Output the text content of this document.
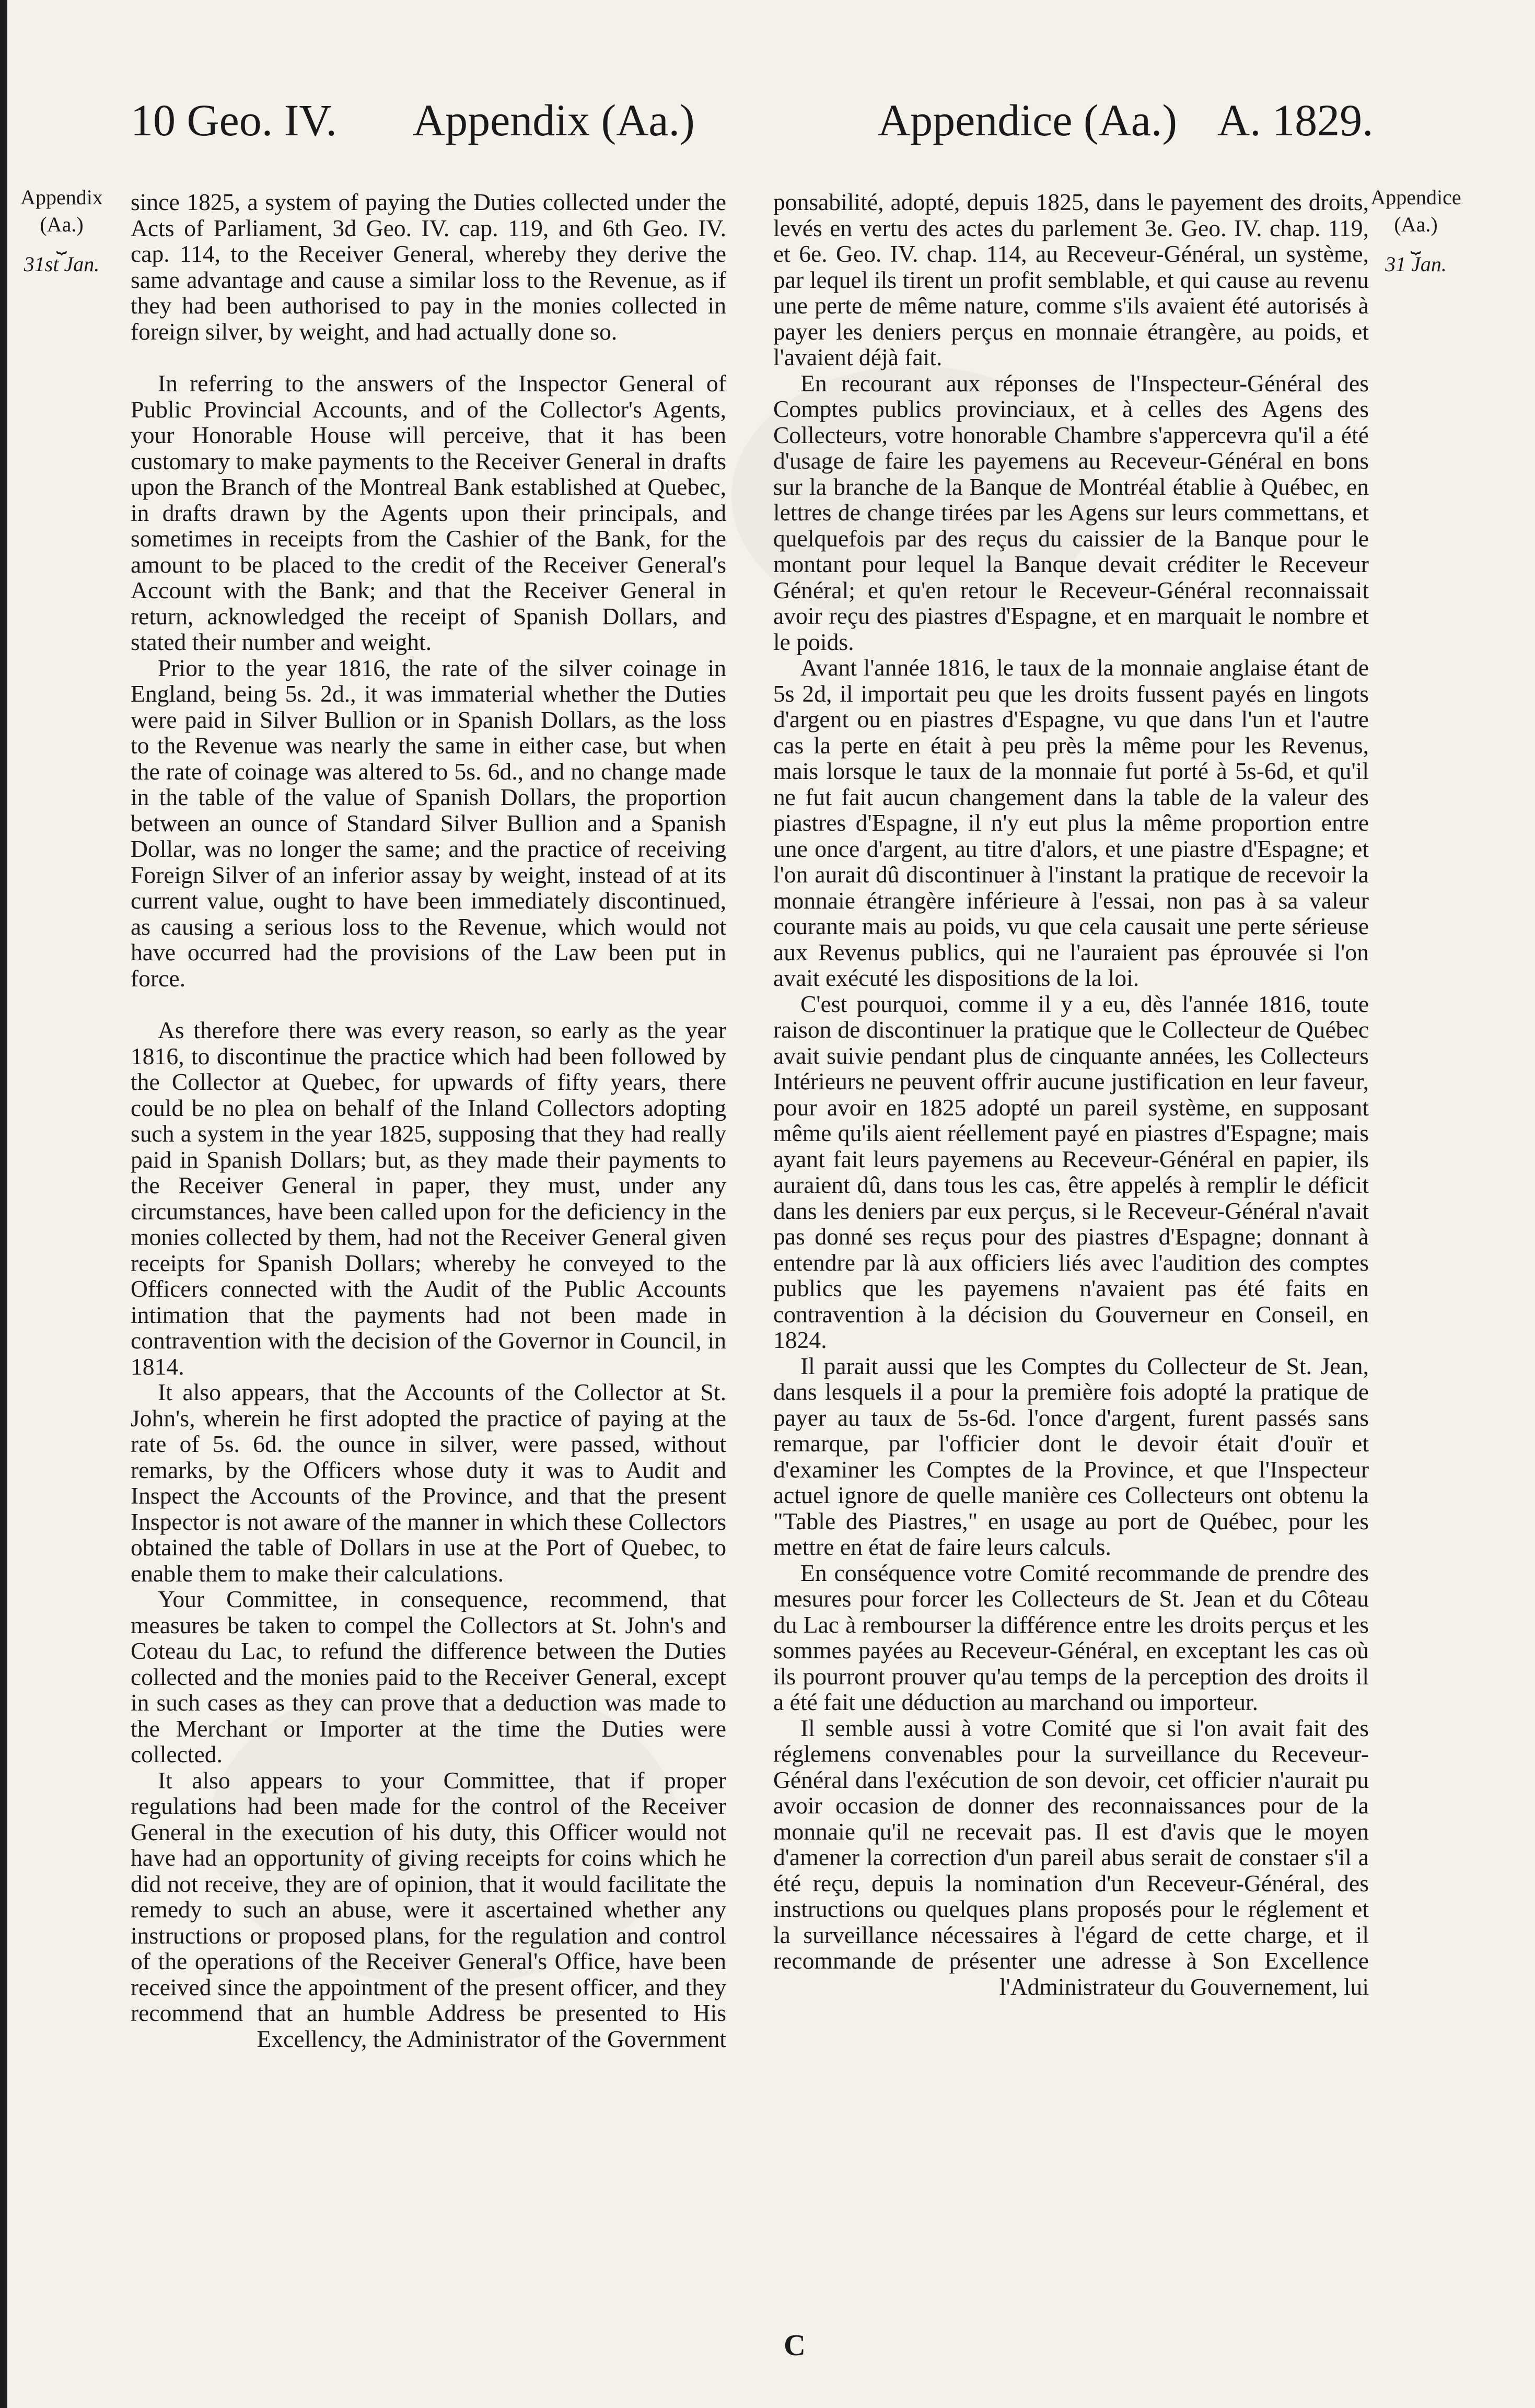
10 Geo. IV. Appendix (Aa.)	Appendice (Aa.) A. 1829.
Appendix
(Aa.)
⏟
31st Jan.
Appendice
(Aa.)
⏟
31 Jan.

since 1825, a system of paying the Duties collected under the Acts of Parliament, 3d Geo. IV. cap. 119, and 6th Geo. IV. cap. 114, to the Receiver General, whereby they derive the same advantage and cause a similar loss to the Revenue, as if they had been authorised to pay in the monies collected in foreign silver, by weight, and had actually done so.

In referring to the answers of the Inspector General of Public Provincial Accounts, and of the Collector's Agents, your Honorable House will perceive, that it has been customary to make payments to the Receiver General in drafts upon the Branch of the Montreal Bank established at Quebec, in drafts drawn by the Agents upon their principals, and sometimes in receipts from the Cashier of the Bank, for the amount to be placed to the credit of the Receiver General's Account with the Bank; and that the Receiver General in return, acknowledged the receipt of Spanish Dollars, and stated their number and weight.

Prior to the year 1816, the rate of the silver coinage in England, being 5s. 2d., it was immaterial whether the Duties were paid in Silver Bullion or in Spanish Dollars, as the loss to the Revenue was nearly the same in either case, but when the rate of coinage was altered to 5s. 6d., and no change made in the table of the value of Spanish Dollars, the proportion between an ounce of Standard Silver Bullion and a Spanish Dollar, was no longer the same; and the practice of receiving Foreign Silver of an inferior assay by weight, instead of at its current value, ought to have been immediately discontinued, as causing a serious loss to the Revenue, which would not have occurred had the provisions of the Law been put in force.

As therefore there was every reason, so early as the year 1816, to discontinue the practice which had been followed by the Collector at Quebec, for upwards of fifty years, there could be no plea on behalf of the Inland Collectors adopting such a system in the year 1825, supposing that they had really paid in Spanish Dollars; but, as they made their payments to the Receiver General in paper, they must, under any circumstances, have been called upon for the deficiency in the monies collected by them, had not the Receiver General given receipts for Spanish Dollars; whereby he conveyed to the Officers connected with the Audit of the Public Accounts intimation that the payments had not been made in contravention with the decision of the Governor in Council, in 1814.

It also appears, that the Accounts of the Collector at St. John's, wherein he first adopted the practice of paying at the rate of 5s. 6d. the ounce in silver, were passed, without remarks, by the Officers whose duty it was to Audit and Inspect the Accounts of the Province, and that the present Inspector is not aware of the manner in which these Collectors obtained the table of Dollars in use at the Port of Quebec, to enable them to make their calculations.

Your Committee, in consequence, recommend, that measures be taken to compel the Collectors at St. John's and Coteau du Lac, to refund the difference between the Duties collected and the monies paid to the Receiver General, except in such cases as they can prove that a deduction was made to the Merchant or Importer at the time the Duties were collected.

It also appears to your Committee, that if proper regulations had been made for the control of the Receiver General in the execution of his duty, this Officer would not have had an opportunity of giving receipts for coins which he did not receive, they are of opinion, that it would facilitate the remedy to such an abuse, were it ascertained whether any instructions or proposed plans, for the regulation and control of the operations of the Receiver General's Office, have been received since the appointment of the present officer, and they recommend that an humble Address be presented to His Excellency, the Administrator of the Government

ponsabilité, adopté, depuis 1825, dans le payement des droits, levés en vertu des actes du parlement 3e. Geo. IV. chap. 119, et 6e. Geo. IV. chap. 114, au Receveur-Général, un système, par lequel ils tirent un profit semblable, et qui cause au revenu une perte de même nature, comme s'ils avaient été autorisés à payer les deniers perçus en monnaie étrangère, au poids, et l'avaient déjà fait.

En recourant aux réponses de l'Inspecteur-Général des Comptes publics provinciaux, et à celles des Agens des Collecteurs, votre honorable Chambre s'appercevra qu'il a été d'usage de faire les payemens au Receveur-Général en bons sur la branche de la Banque de Montréal établie à Québec, en lettres de change tirées par les Agens sur leurs commettans, et quelquefois par des reçus du caissier de la Banque pour le montant pour lequel la Banque devait créditer le Receveur Général; et qu'en retour le Receveur-Général reconnaissait avoir reçu des piastres d'Espagne, et en marquait le nombre et le poids.

Avant l'année 1816, le taux de la monnaie anglaise étant de 5s 2d, il importait peu que les droits fussent payés en lingots d'argent ou en piastres d'Espagne, vu que dans l'un et l'autre cas la perte en était à peu près la même pour les Revenus, mais lorsque le taux de la monnaie fut porté à 5s-6d, et qu'il ne fut fait aucun changement dans la table de la valeur des piastres d'Espagne, il n'y eut plus la même proportion entre une once d'argent, au titre d'alors, et une piastre d'Espagne; et l'on aurait dû discontinuer à l'instant la pratique de recevoir la monnaie étrangère inférieure à l'essai, non pas à sa valeur courante mais au poids, vu que cela causait une perte sérieuse aux Revenus publics, qui ne l'auraient pas éprouvée si l'on avait exécuté les dispositions de la loi.

C'est pourquoi, comme il y a eu, dès l'année 1816, toute raison de discontinuer la pratique que le Collecteur de Québec avait suivie pendant plus de cinquante années, les Collecteurs Intérieurs ne peuvent offrir aucune justification en leur faveur, pour avoir en 1825 adopté un pareil système, en supposant même qu'ils aient réellement payé en piastres d'Espagne; mais ayant fait leurs payemens au Receveur-Général en papier, ils auraient dû, dans tous les cas, être appelés à remplir le déficit dans les deniers par eux perçus, si le Receveur-Général n'avait pas donné ses reçus pour des piastres d'Espagne; donnant à entendre par là aux officiers liés avec l'audition des comptes publics que les payemens n'avaient pas été faits en contravention à la décision du Gouverneur en Conseil, en 1824.

Il parait aussi que les Comptes du Collecteur de St. Jean, dans lesquels il a pour la première fois adopté la pratique de payer au taux de 5s-6d. l'once d'argent, furent passés sans remarque, par l'officier dont le devoir était d'ouïr et d'examiner les Comptes de la Province, et que l'Inspecteur actuel ignore de quelle manière ces Collecteurs ont obtenu la "Table des Piastres," en usage au port de Québec, pour les mettre en état de faire leurs calculs.

En conséquence votre Comité recommande de prendre des mesures pour forcer les Collecteurs de St. Jean et du Côteau du Lac à rembourser la différence entre les droits perçus et les sommes payées au Receveur-Général, en exceptant les cas où ils pourront prouver qu'au temps de la perception des droits il a été fait une déduction au marchand ou importeur.

Il semble aussi à votre Comité que si l'on avait fait des réglemens convenables pour la surveillance du Receveur-Général dans l'exécution de son devoir, cet officier n'aurait pu avoir occasion de donner des reconnaissances pour de la monnaie qu'il ne recevait pas. Il est d'avis que le moyen d'amener la correction d'un pareil abus serait de constaer s'il a été reçu, depuis la nomination d'un Receveur-Général, des instructions ou quelques plans proposés pour le réglement et la surveillance nécessaires à l'égard de cette charge, et il recommande de présenter une adresse à Son Excellence l'Administrateur du Gouvernement, lui

C
